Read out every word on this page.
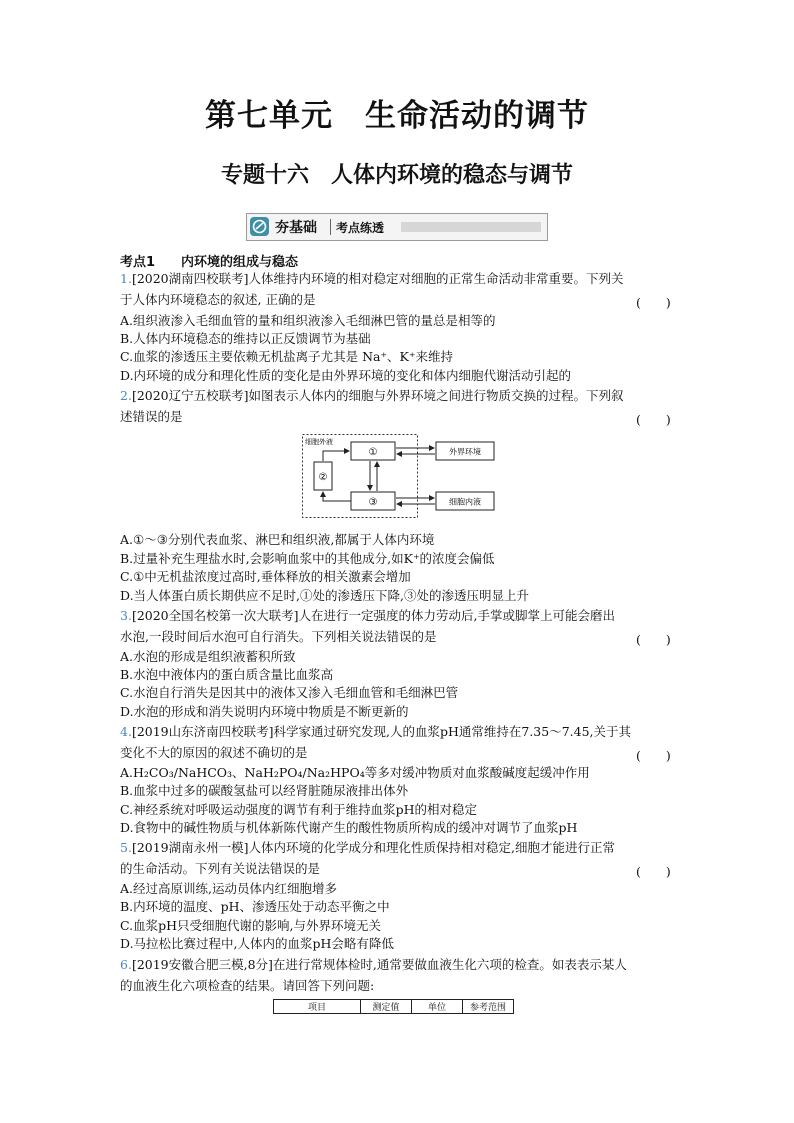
第七单元　生命活动的调节
专题十六　人体内环境的稳态与调节
夯基础 考点练透
考点1 内环境的组成与稳态
1.[2020湖南四校联考]人体维持内环境的相对稳定对细胞的正常生命活动非常重要。下列关
于人体内环境稳态的叙述, 正确的是	(　　)
A.组织液渗入毛细血管的量和组织液渗入毛细淋巴管的量总是相等的
B.人体内环境稳态的维持以正反馈调节为基础
C.血浆的渗透压主要依赖无机盐离子尤其是 Na⁺、K⁺来维持
D.内环境的成分和理化性质的变化是由外界环境的变化和体内细胞代谢活动引起的
2.[2020辽宁五校联考]如图表示人体内的细胞与外界环境之间进行物质交换的过程。下列叙
述错误的是	(　　)
细胞外液
①
②
③
外界环境
细胞内液
A.①～③分别代表血浆、淋巴和组织液,都属于人体内环境
B.过量补充生理盐水时,会影响血浆中的其他成分,如K⁺的浓度会偏低
C.①中无机盐浓度过高时,垂体释放的相关激素会增加
D.当人体蛋白质长期供应不足时,①处的渗透压下降,③处的渗透压明显上升
3.[2020全国名校第一次大联考]人在进行一定强度的体力劳动后,手掌或脚掌上可能会磨出
水泡,一段时间后水泡可自行消失。下列相关说法错误的是	(　　)
A.水泡的形成是组织液蓄积所致
B.水泡中液体内的蛋白质含量比血浆高
C.水泡自行消失是因其中的液体又渗入毛细血管和毛细淋巴管
D.水泡的形成和消失说明内环境中物质是不断更新的
4.[2019山东济南四校联考]科学家通过研究发现,人的血浆pH通常维持在7.35～7.45,关于其
变化不大的原因的叙述不确切的是	(　　)
A.H₂CO₃/NaHCO₃、NaH₂PO₄/Na₂HPO₄等多对缓冲物质对血浆酸碱度起缓冲作用
B.血浆中过多的碳酸氢盐可以经肾脏随尿液排出体外
C.神经系统对呼吸运动强度的调节有利于维持血浆pH的相对稳定
D.食物中的碱性物质与机体新陈代谢产生的酸性物质所构成的缓冲对调节了血浆pH
5.[2019湖南永州一模]人体内环境的化学成分和理化性质保持相对稳定,细胞才能进行正常
的生命活动。下列有关说法错误的是	(　　)
A.经过高原训练,运动员体内红细胞增多
B.内环境的温度、pH、渗透压处于动态平衡之中
C.血浆pH只受细胞代谢的影响,与外界环境无关
D.马拉松比赛过程中,人体内的血浆pH会略有降低
6.[2019安徽合肥三模,8分]在进行常规体检时,通常要做血液生化六项的检查。如表表示某人
的血液生化六项检查的结果。请回答下列问题:
项目	测定值	单位	参考范围
